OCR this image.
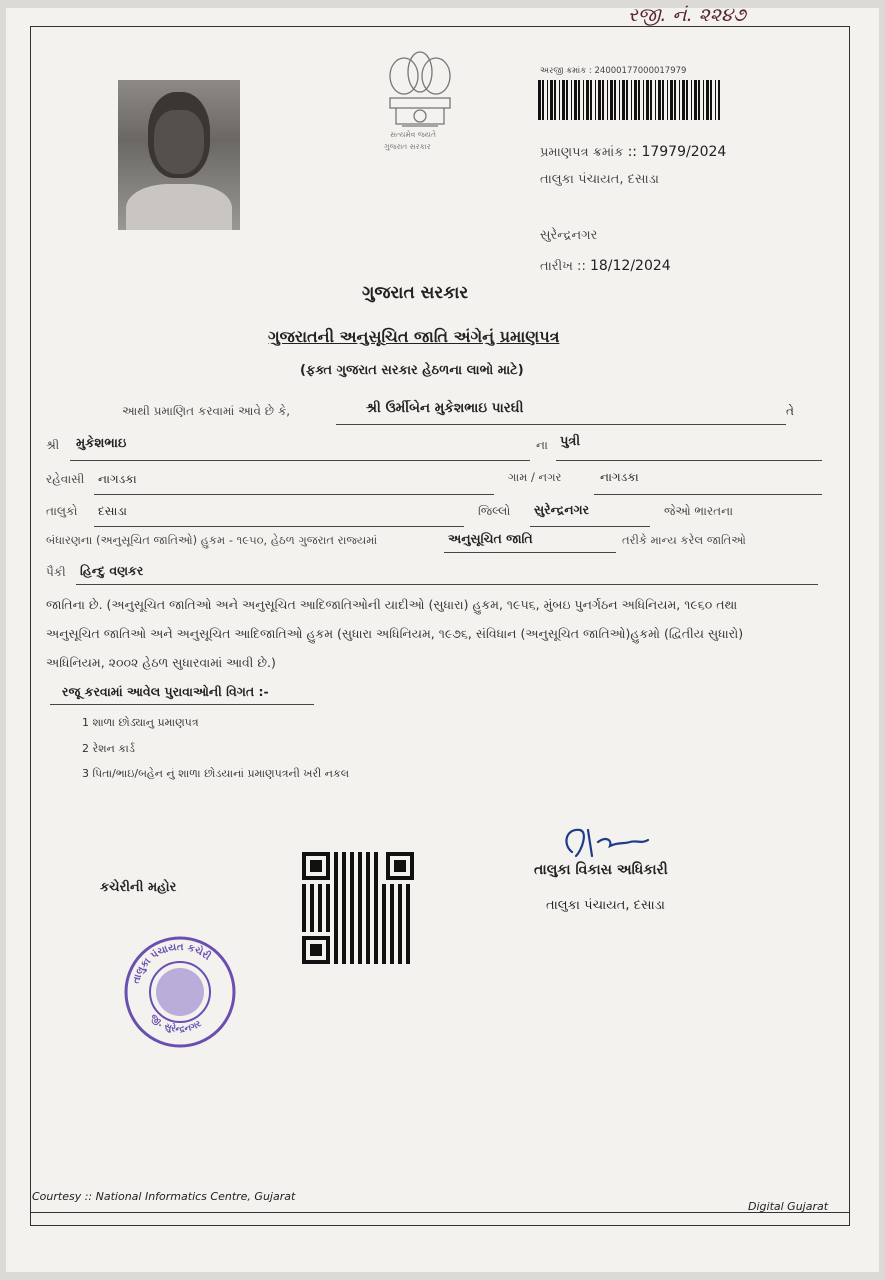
રજી. નં. ૨૨૪૭
સત્યમેવ જયતે
ગુજરાત સરકાર
અરજી ક્રમાંક : 24000177000017979
પ્રમાણપત્ર ક્રમાંક :: 17979/2024
તાલુકા પંચાયત, દસાડા
સુરેન્દ્રનગર
તારીખ :: 18/12/2024
ગુજરાત સરકાર
ગુજરાતની અનુસૂચિત જાતિ અંગેનું પ્રમાણપત્ર
(ફક્ત ગુજરાત સરકાર હેઠળના લાભો માટે)
આથી પ્રમાણિત કરવામાં આવે છે કે,	શ્રી ઉર્મીબેન મુકેશભાઇ પારઘી	તે
શ્રી મુકેશભાઇ	ના પુત્રી
રહેવાસી નાગડકા	ગામ / નગર	નાગડકા
તાલુકો દસાડા	જિલ્લો સુરેન્દ્રનગર	જેઓ ભારતના
બંધારણના (અનુસૂચિત જાતિઓ) હુકમ - ૧૯૫૦, હેઠળ ગુજરાત રાજ્યમાં	અનુસૂચિત જાતિ	તરીકે માન્ય કરેલ જાતિઓ
પૈકી હિન્દુ વણકર
જાતિના છે. (અનુસૂચિત જાતિઓ અને અનુસૂચિત આદિજાતિઓની યાદીઓ (સુધારા) હુકમ, ૧૯૫૬, મુંબઇ પુનર્ગઠન અધિનિયમ, ૧૯૬૦ તથા
અનુસૂચિત જાતિઓ અને અનુસૂચિત આદિજાતિઓ હુકમ (સુધારા અધિનિયમ, ૧૯૭૬, સંવિધાન (અનુસૂચિત જાતિઓ)હુકમો (દ્વિતીય સુધારો)
અધિનિયમ, ૨૦૦૨ હેઠળ સુધારવામાં આવી છે.)
રજૂ કરવામાં આવેલ પુરાવાઓની વિગત :-
1 શાળા છોડ્યાનુ પ્રમાણપત્ર
2 રેશન કાર્ડ
3 પિતા/ભાઇ/બહેન નું શાળા છોડયાનાં પ્રમાણપત્રની ખરી નકલ
કચેરીની મહોર
તાલુકા પંચાયત કચેરી
જી. સુરેન્દ્રનગર
તાલુકા વિકાસ અધિકારી
તાલુકા પંચાયત, દસાડા
Courtesy :: National Informatics Centre, Gujarat
Digital Gujarat
